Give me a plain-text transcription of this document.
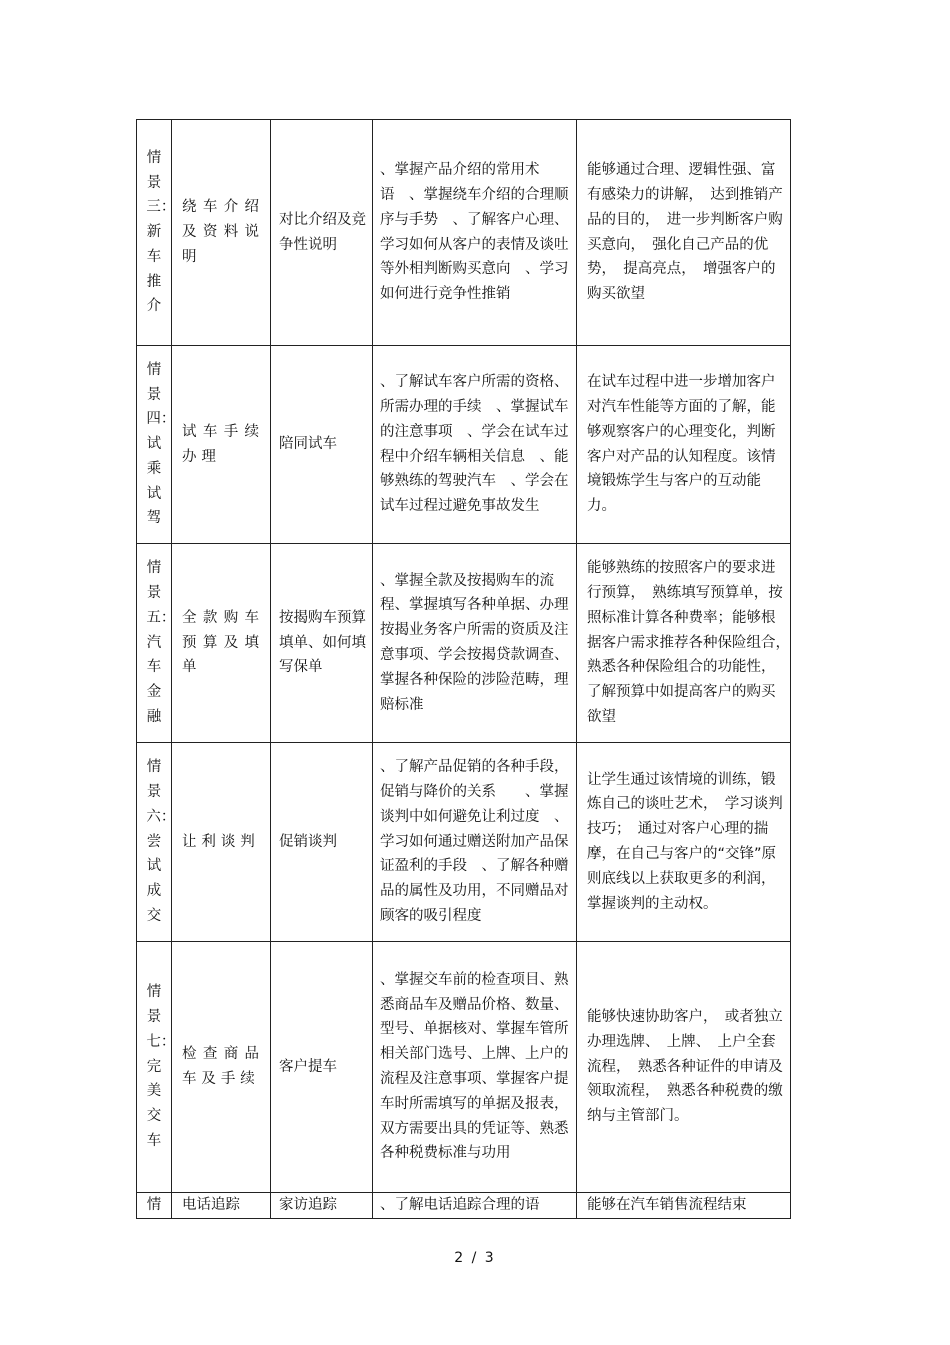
情景三：新车推介	绕车介绍及资料说明	对比介绍及竞争性说明	、掌握产品介绍的常用术语　、掌握绕车介绍的合理顺序与手势　、了解客户心理、学习如何从客户的表情及谈吐等外相判断购买意向　、学习如何进行竞争性推销	能够通过合理、逻辑性强、富有感染力的讲解，　达到推销产品的目的，　进一步判断客户购买意向，　强化自己产品的优势，　提高亮点，　增强客户的购买欲望

情景四：试乘试驾	试车手续办理	陪同试车	、了解试车客户所需的资格、所需办理的手续　、掌握试车的注意事项　、学会在试车过程中介绍车辆相关信息　、能够熟练的驾驶汽车　、学会在试车过程过避免事故发生	在试车过程中进一步增加客户对汽车性能等方面的了解，能够观察客户的心理变化，判断客户对产品的认知程度。该情境锻炼学生与客户的互动能力。

情景五：汽车金融	全款购车预算及填单	按揭购车预算填单、如何填写保单	、掌握全款及按揭购车的流程、掌握填写各种单据、办理按揭业务客户所需的资质及注意事项、学会按揭贷款调查、掌握各种保险的涉险范畴，理赔标准	能够熟练的按照客户的要求进行预算，　熟练填写预算单，按照标准计算各种费率；能够根据客户需求推荐各种保险组合，　熟悉各种保险组合的功能性，　了解预算中如提高客户的购买欲望

情景六：尝试成交	让利谈判	促销谈判	、了解产品促销的各种手段，促销与降价的关系　　、掌握谈判中如何避免让利过度　、学习如何通过赠送附加产品保证盈利的手段　、了解各种赠品的属性及功用，不同赠品对顾客的吸引程度	让学生通过该情境的训练，锻炼自己的谈吐艺术，　学习谈判技巧；　通过对客户心理的揣摩，在自己与客户的“交锋”原则底线以上获取更多的利润，　掌握谈判的主动权。

情景七：完美交车	检查商品车及手续	客户提车	、掌握交车前的检查项目、熟悉商品车及赠品价格、数量、型号、单据核对、掌握车管所相关部门选号、上牌、上户的流程及注意事项、掌握客户提车时所需填写的单据及报表，双方需要出具的凭证等、熟悉各种税费标准与功用	能够快速协助客户，　或者独立办理选牌、　上牌、　上户全套流程，　熟悉各种证件的申请及领取流程，　熟悉各种税费的缴纳与主管部门。

情	电话追踪	家访追踪	、了解电话追踪合理的语	能够在汽车销售流程结束
2 / 3
